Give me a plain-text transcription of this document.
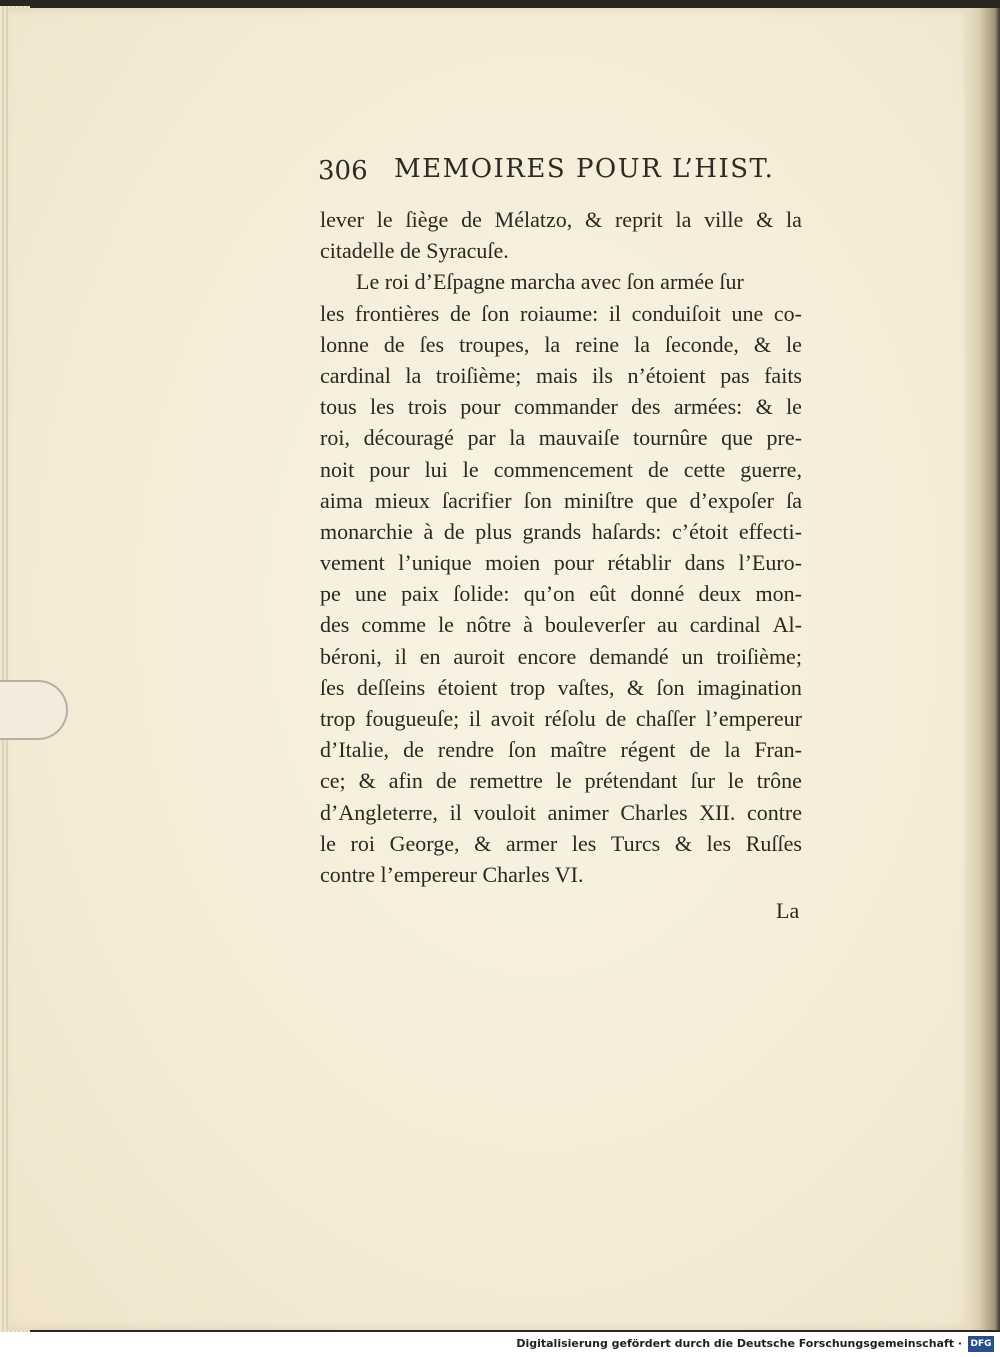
306 MEMOIRES POUR L’HIST.
lever le ſiège de Mélatzo, & reprit la ville & la
citadelle de Syracuſe.
Le roi d’Eſpagne marcha avec ſon armée ſur
les frontières de ſon roiaume: il conduiſoit une co-
lonne de ſes troupes, la reine la ſeconde, & le
cardinal la troiſième; mais ils n’étoient pas faits
tous les trois pour commander des armées: & le
roi, découragé par la mauvaiſe tournûre que pre-
noit pour lui le commencement de cette guerre,
aima mieux ſacrifier ſon miniſtre que d’expoſer ſa
monarchie à de plus grands haſards: c’étoit effecti-
vement l’unique moien pour rétablir dans l’Euro-
pe une paix ſolide: qu’on eût donné deux mon-
des comme le nôtre à bouleverſer au cardinal Al-
béroni, il en auroit encore demandé un troiſième;
ſes deſſeins étoient trop vaſtes, & ſon imagination
trop fougueuſe; il avoit réſolu de chaſſer l’empereur
d’Italie, de rendre ſon maître régent de la Fran-
ce; & afin de remettre le prétendant ſur le trône
d’Angleterre, il vouloit animer Charles XII. contre
le roi George, & armer les Turcs & les Ruſſes
contre l’empereur Charles VI.
La
Digitalisierung gefördert durch die Deutsche Forschungsgemeinschaft · DFG
